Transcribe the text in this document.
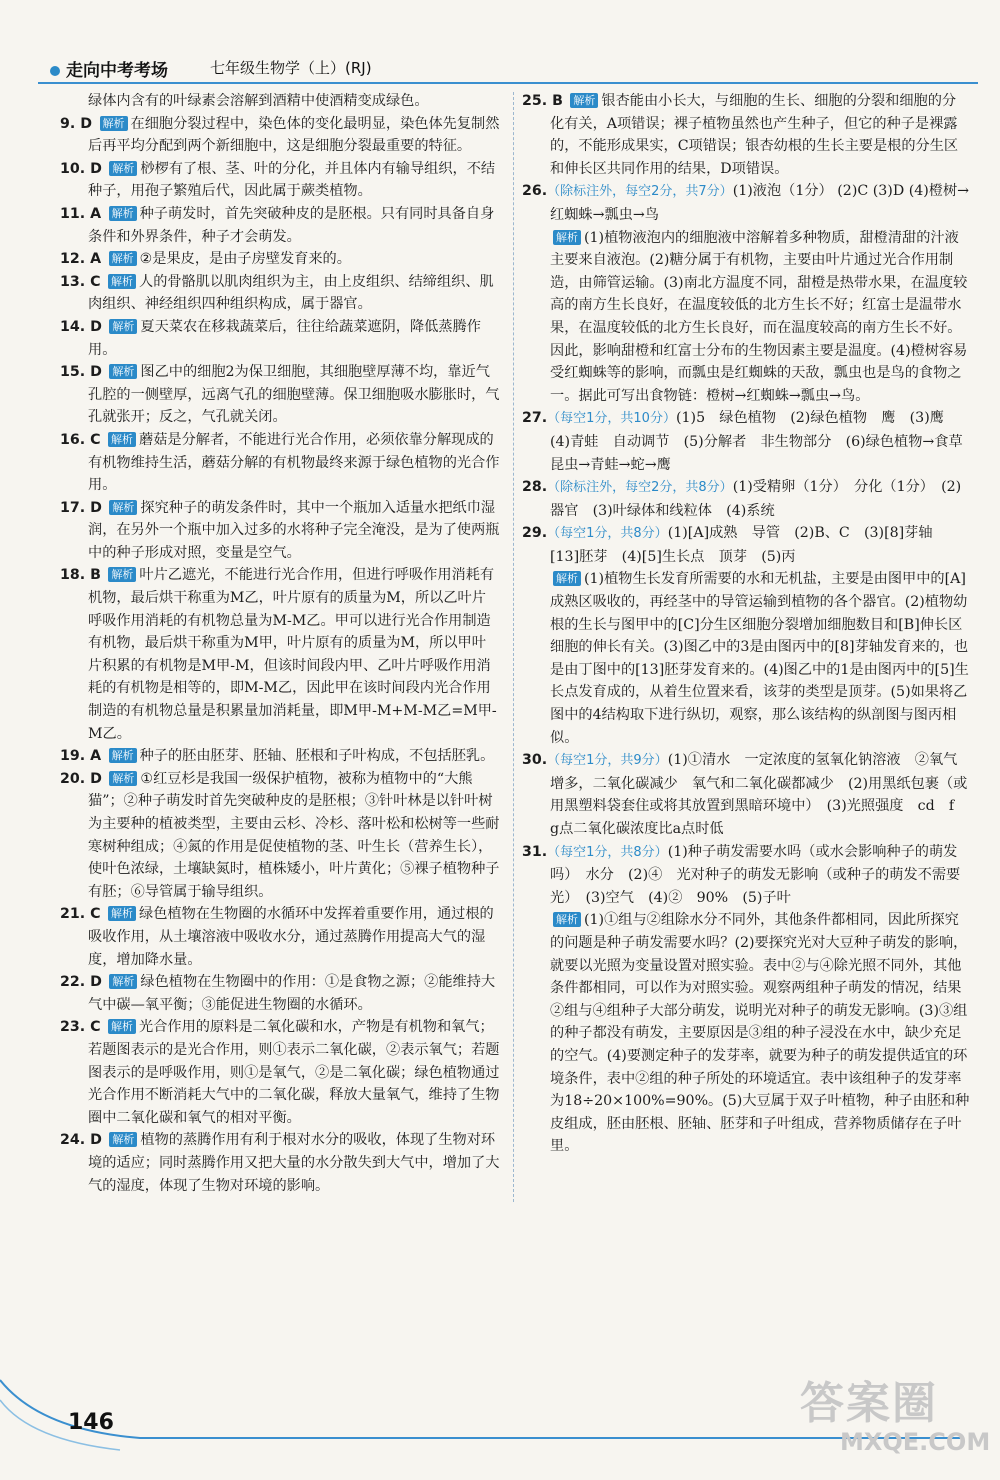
走向中考考场	七年级生物学（上）(RJ)

绿体内含有的叶绿素会溶解到酒精中使酒精变成绿色。

9. D 解析 在细胞分裂过程中，染色体的变化最明显，染色体先复制然后再平均分配到两个新细胞中，这是细胞分裂最重要的特征。

10. D 解析 桫椤有了根、茎、叶的分化，并且体内有输导组织，不结种子，用孢子繁殖后代，因此属于蕨类植物。

11. A 解析 种子萌发时，首先突破种皮的是胚根。只有同时具备自身条件和外界条件，种子才会萌发。

12. A 解析 ②是果皮，是由子房壁发育来的。

13. C 解析 人的骨骼肌以肌肉组织为主，由上皮组织、结缔组织、肌肉组织、神经组织四种组织构成，属于器官。

14. D 解析 夏天菜农在移栽蔬菜后，往往给蔬菜遮阴，降低蒸腾作用。

15. D 解析 图乙中的细胞2为保卫细胞，其细胞壁厚薄不均，靠近气孔腔的一侧壁厚，远离气孔的细胞壁薄。保卫细胞吸水膨胀时，气孔就张开；反之，气孔就关闭。

16. C 解析 蘑菇是分解者，不能进行光合作用，必须依靠分解现成的有机物维持生活，蘑菇分解的有机物最终来源于绿色植物的光合作用。

17. D 解析 探究种子的萌发条件时，其中一个瓶加入适量水把纸巾湿润，在另外一个瓶中加入过多的水将种子完全淹没，是为了使两瓶中的种子形成对照，变量是空气。

18. B 解析 叶片乙遮光，不能进行光合作用，但进行呼吸作用消耗有机物，最后烘干称重为M乙，叶片原有的质量为M，所以乙叶片呼吸作用消耗的有机物总量为M-M乙。甲可以进行光合作用制造有机物，最后烘干称重为M甲，叶片原有的质量为M，所以甲叶片积累的有机物是M甲-M，但该时间段内甲、乙叶片呼吸作用消耗的有机物是相等的，即M-M乙，因此甲在该时间段内光合作用制造的有机物总量是积累量加消耗量，即M甲-M+M-M乙=M甲-M乙。

19. A 解析 种子的胚由胚芽、胚轴、胚根和子叶构成，不包括胚乳。

20. D 解析 ①红豆杉是我国一级保护植物，被称为植物中的“大熊猫”；②种子萌发时首先突破种皮的是胚根；③针叶林是以针叶树为主要种的植被类型，主要由云杉、冷杉、落叶松和松树等一些耐寒树种组成；④氮的作用是促使植物的茎、叶生长（营养生长），使叶色浓绿，土壤缺氮时，植株矮小，叶片黄化；⑤裸子植物种子有胚；⑥导管属于输导组织。

21. C 解析 绿色植物在生物圈的水循环中发挥着重要作用，通过根的吸收作用，从土壤溶液中吸收水分，通过蒸腾作用提高大气的湿度，增加降水量。

22. D 解析 绿色植物在生物圈中的作用：①是食物之源；②能维持大气中碳—氧平衡；③能促进生物圈的水循环。

23. C 解析 光合作用的原料是二氧化碳和水，产物是有机物和氧气；若题图表示的是光合作用，则①表示二氧化碳，②表示氧气；若题图表示的是呼吸作用，则①是氧气，②是二氧化碳；绿色植物通过光合作用不断消耗大气中的二氧化碳，释放大量氧气，维持了生物圈中二氧化碳和氧气的相对平衡。

24. D 解析 植物的蒸腾作用有利于根对水分的吸收，体现了生物对环境的适应；同时蒸腾作用又把大量的水分散失到大气中，增加了大气的湿度，体现了生物对环境的影响。

25. B 解析 银杏能由小长大，与细胞的生长、细胞的分裂和细胞的分化有关，A项错误；裸子植物虽然也产生种子，但它的种子是裸露的，不能形成果实，C项错误；银杏幼根的生长主要是根的分生区和伸长区共同作用的结果，D项错误。

26.（除标注外，每空2分，共7分）(1)液泡（1分） (2)C (3)D (4)橙树→红蜘蛛→瓢虫→鸟

解析 (1)植物液泡内的细胞液中溶解着多种物质，甜橙清甜的汁液主要来自液泡。(2)糖分属于有机物，主要由叶片通过光合作用制造，由筛管运输。(3)南北方温度不同，甜橙是热带水果，在温度较高的南方生长良好，在温度较低的北方生长不好；红富士是温带水果，在温度较低的北方生长良好，而在温度较高的南方生长不好。因此，影响甜橙和红富士分布的生物因素主要是温度。(4)橙树容易受红蜘蛛等的影响，而瓢虫是红蜘蛛的天敌，瓢虫也是鸟的食物之一。据此可写出食物链：橙树→红蜘蛛→瓢虫→鸟。

27.（每空1分，共10分）(1)5　绿色植物　(2)绿色植物　鹰　(3)鹰　(4)青蛙　自动调节　(5)分解者　非生物部分　(6)绿色植物→食草昆虫→青蛙→蛇→鹰

28.（除标注外，每空2分，共8分）(1)受精卵（1分）　分化（1分）　(2)器官　(3)叶绿体和线粒体　(4)系统

29.（每空1分，共8分）(1)[A]成熟　导管　(2)B、C　(3)[8]芽轴　[13]胚芽　(4)[5]生长点　顶芽　(5)丙

解析 (1)植物生长发育所需要的水和无机盐，主要是由图甲中的[A]成熟区吸收的，再经茎中的导管运输到植物的各个器官。(2)植物幼根的生长与图甲中的[C]分生区细胞分裂增加细胞数目和[B]伸长区细胞的伸长有关。(3)图乙中的3是由图丙中的[8]芽轴发育来的，也是由丁图中的[13]胚芽发育来的。(4)图乙中的1是由图丙中的[5]生长点发育成的，从着生位置来看，该芽的类型是顶芽。(5)如果将乙图中的4结构取下进行纵切，观察，那么该结构的纵剖图与图丙相似。

30.（每空1分，共9分）(1)①清水　一定浓度的氢氧化钠溶液　②氧气增多，二氧化碳减少　氧气和二氧化碳都减少　(2)用黑纸包裹（或用黑塑料袋套住或将其放置到黑暗环境中）　(3)光照强度　cd　f　g点二氧化碳浓度比a点时低

31.（每空1分，共8分）(1)种子萌发需要水吗（或水会影响种子的萌发吗）　水分　(2)④　光对种子的萌发无影响（或种子的萌发不需要光）　(3)空气　(4)②　90%　(5)子叶

解析 (1)①组与②组除水分不同外，其他条件都相同，因此所探究的问题是种子萌发需要水吗？(2)要探究光对大豆种子萌发的影响，就要以光照为变量设置对照实验。表中②与④除光照不同外，其他条件都相同，可以作为对照实验。观察两组种子萌发的情况，结果②组与④组种子大部分萌发，说明光对种子的萌发无影响。(3)③组的种子都没有萌发，主要原因是③组的种子浸没在水中，缺少充足的空气。(4)要测定种子的发芽率，就要为种子的萌发提供适宜的环境条件，表中②组的种子所处的环境适宜。表中该组种子的发芽率为18÷20×100%=90%。(5)大豆属于双子叶植物，种子由胚和种皮组成，胚由胚根、胚轴、胚芽和子叶组成，营养物质储存在子叶里。

146	答案圈
MXQE.COM
